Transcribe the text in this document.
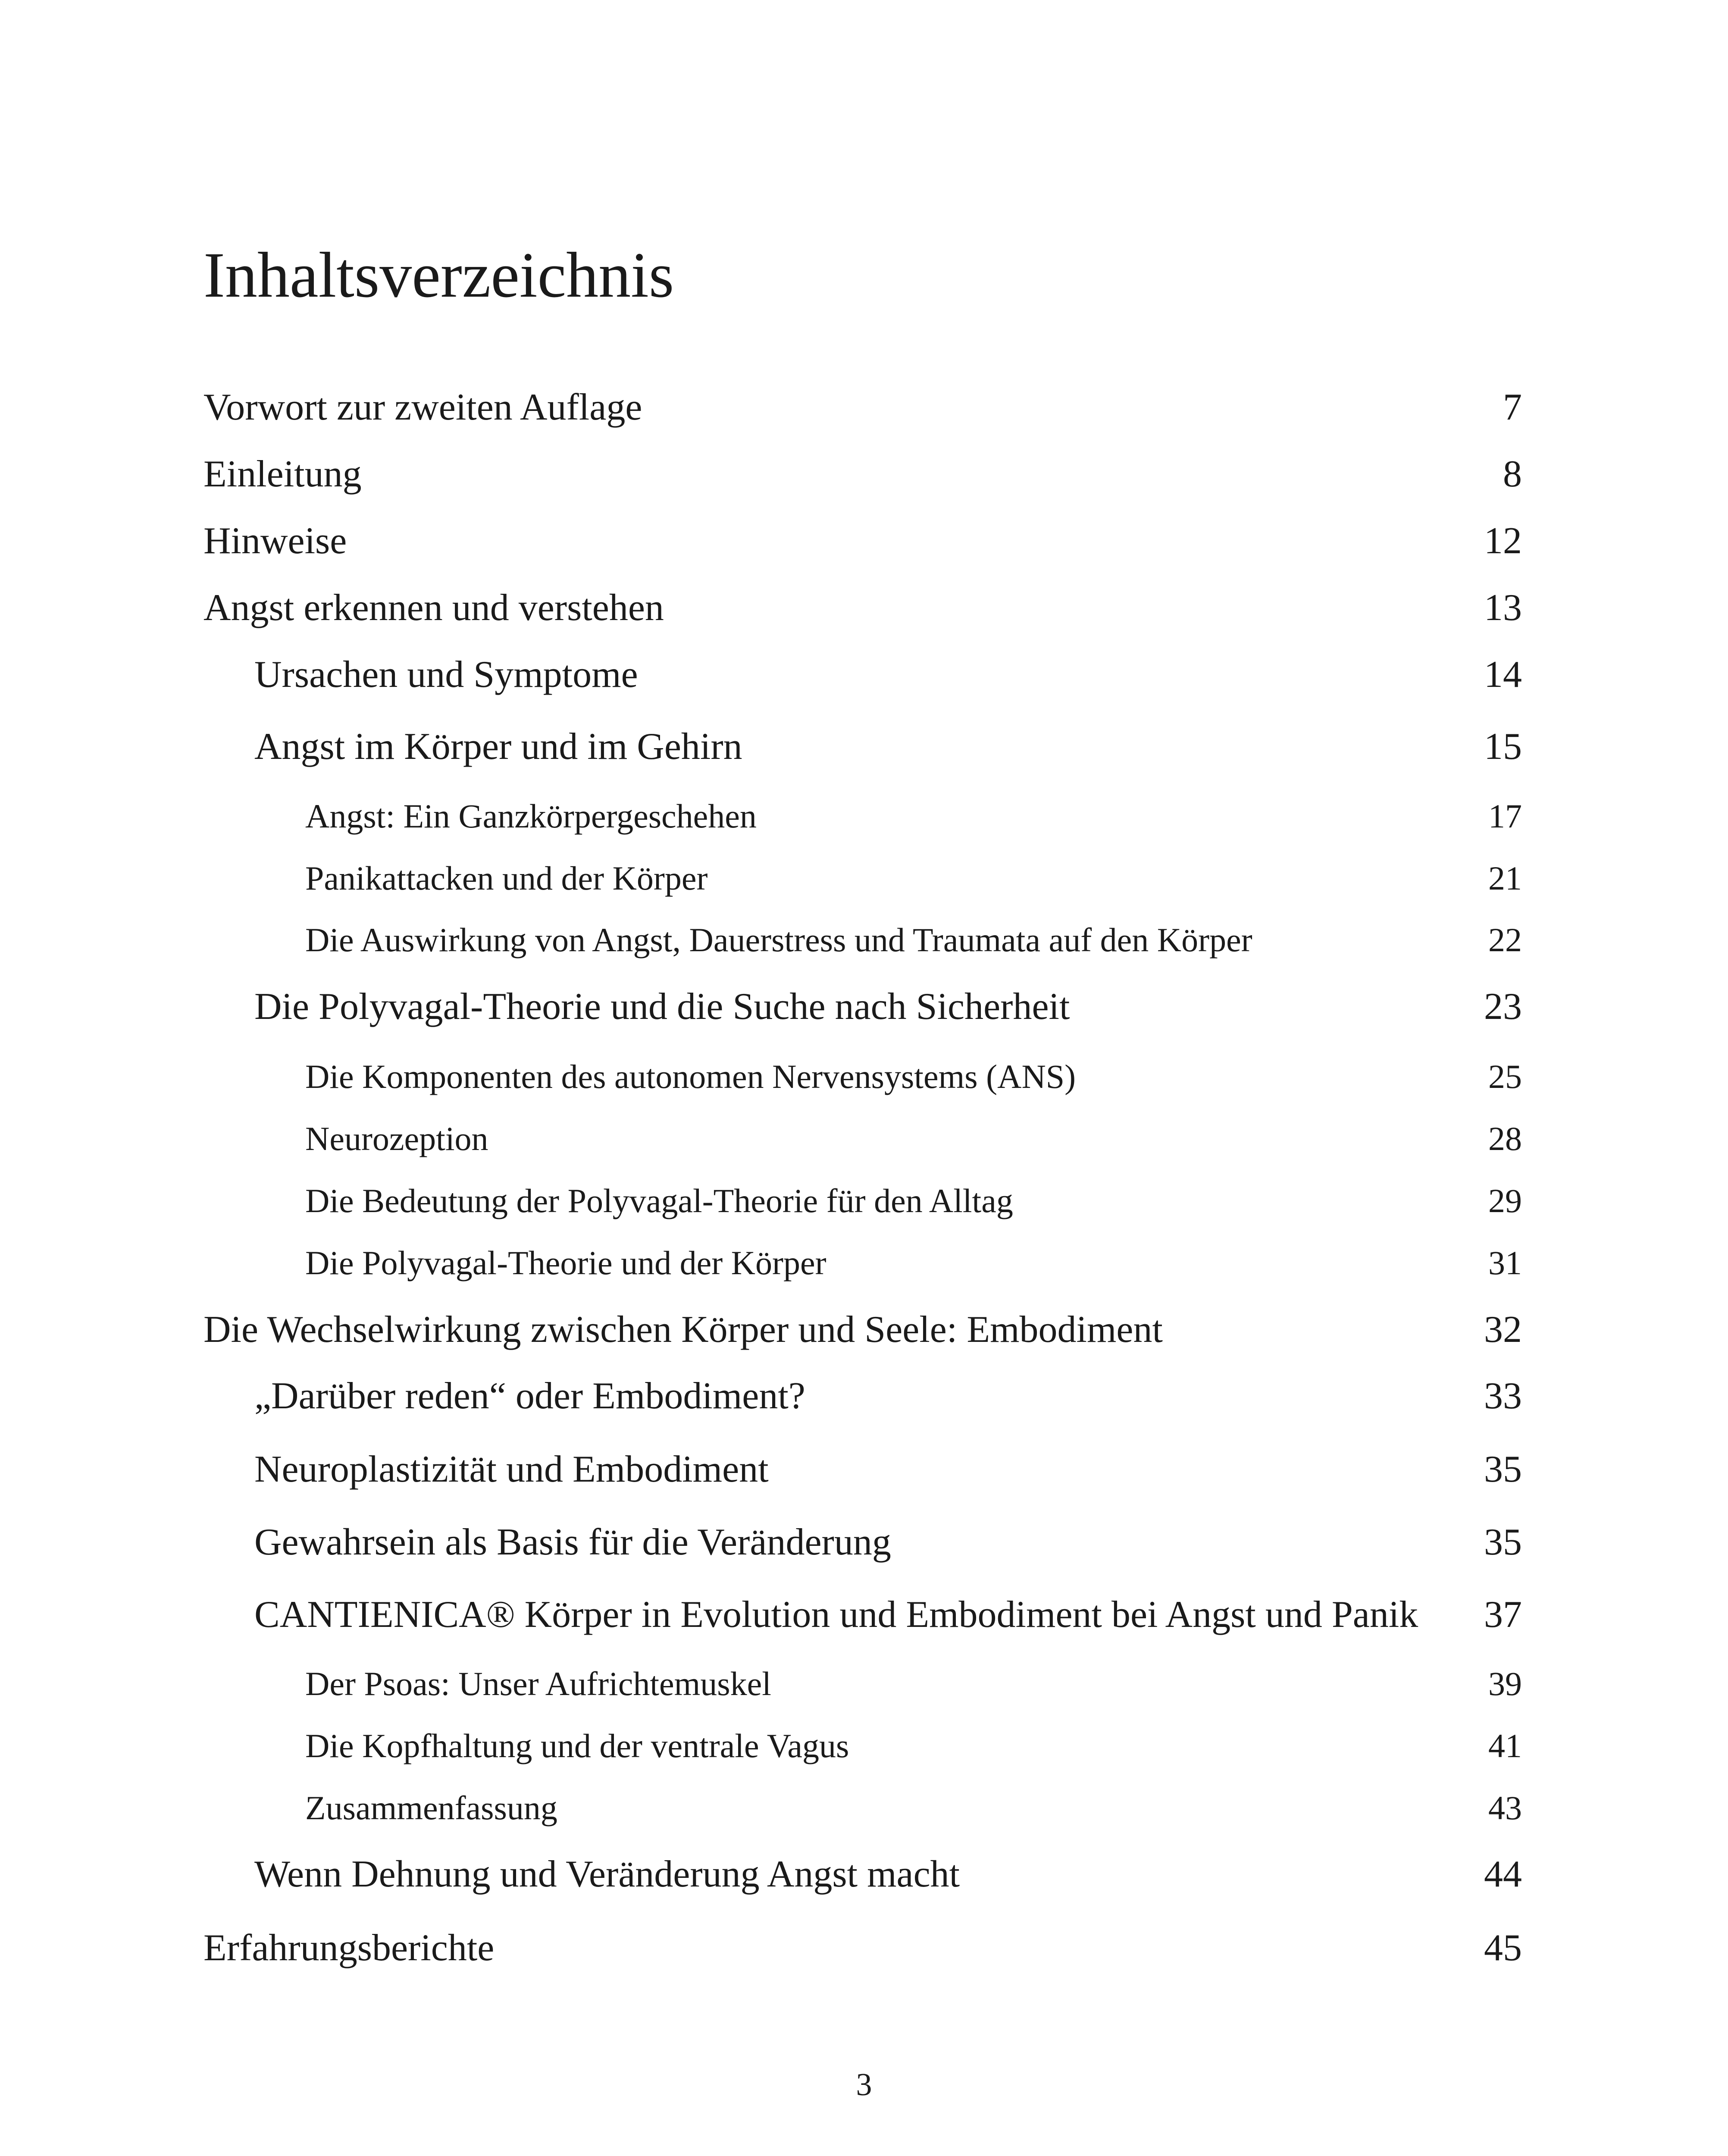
Inhaltsverzeichnis
Vorwort zur zweiten Auflage	7
Einleitung	8
Hinweise	12
Angst erkennen und verstehen	13
Ursachen und Symptome	14
Angst im Körper und im Gehirn	15
Angst: Ein Ganzkörpergeschehen	17
Panikattacken und der Körper	21
Die Auswirkung von Angst, Dauerstress und Traumata auf den Körper	22
Die Polyvagal-Theorie und die Suche nach Sicherheit	23
Die Komponenten des autonomen Nervensystems (ANS)	25
Neurozeption	28
Die Bedeutung der Polyvagal-Theorie für den Alltag	29
Die Polyvagal-Theorie und der Körper	31
Die Wechselwirkung zwischen Körper und Seele: Embodiment	32
„Darüber reden“ oder Embodiment?	33
Neuroplastizität und Embodiment	35
Gewahrsein als Basis für die Veränderung	35
CANTIENICA® Körper in Evolution und Embodiment bei Angst und Panik 37
Der Psoas: Unser Aufrichtemuskel	39
Die Kopfhaltung und der ventrale Vagus	41
Zusammenfassung	43
Wenn Dehnung und Veränderung Angst macht	44
Erfahrungsberichte	45
3
